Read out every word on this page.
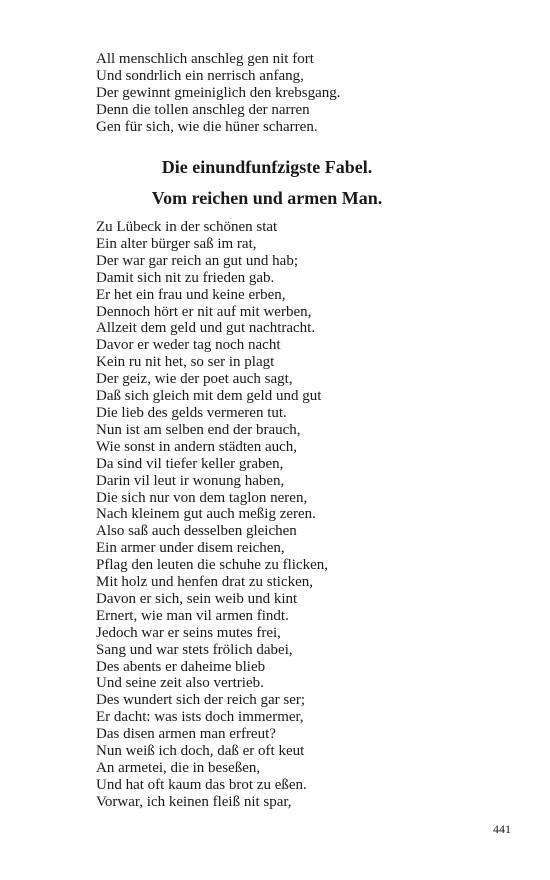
All menschlich anschleg gen nit fort
Und sondrlich ein nerrisch anfang,
Der gewinnt gmeiniglich den krebsgang.
Denn die tollen anschleg der narren
Gen für sich, wie die hüner scharren.
Die einundfunfzigste Fabel.
Vom reichen und armen Man.
Zu Lübeck in der schönen stat
Ein alter bürger saß im rat,
Der war gar reich an gut und hab;
Damit sich nit zu frieden gab.
Er het ein frau und keine erben,
Dennoch hört er nit auf mit werben,
Allzeit dem geld und gut nachtracht.
Davor er weder tag noch nacht
Kein ru nit het, so ser in plagt
Der geiz, wie der poet auch sagt,
Daß sich gleich mit dem geld und gut
Die lieb des gelds vermeren tut.
Nun ist am selben end der brauch,
Wie sonst in andern städten auch,
Da sind vil tiefer keller graben,
Darin vil leut ir wonung haben,
Die sich nur von dem taglon neren,
Nach kleinem gut auch meßig zeren.
Also saß auch desselben gleichen
Ein armer under disem reichen,
Pflag den leuten die schuhe zu flicken,
Mit holz und henfen drat zu sticken,
Davon er sich, sein weib und kint
Ernert, wie man vil armen findt.
Jedoch war er seins mutes frei,
Sang und war stets frölich dabei,
Des abents er daheime blieb
Und seine zeit also vertrieb.
Des wundert sich der reich gar ser;
Er dacht: was ists doch immermer,
Das disen armen man erfreut?
Nun weiß ich doch, daß er oft keut
An armetei, die in beseßen,
Und hat oft kaum das brot zu eßen.
Vorwar, ich keinen fleiß nit spar,
441
